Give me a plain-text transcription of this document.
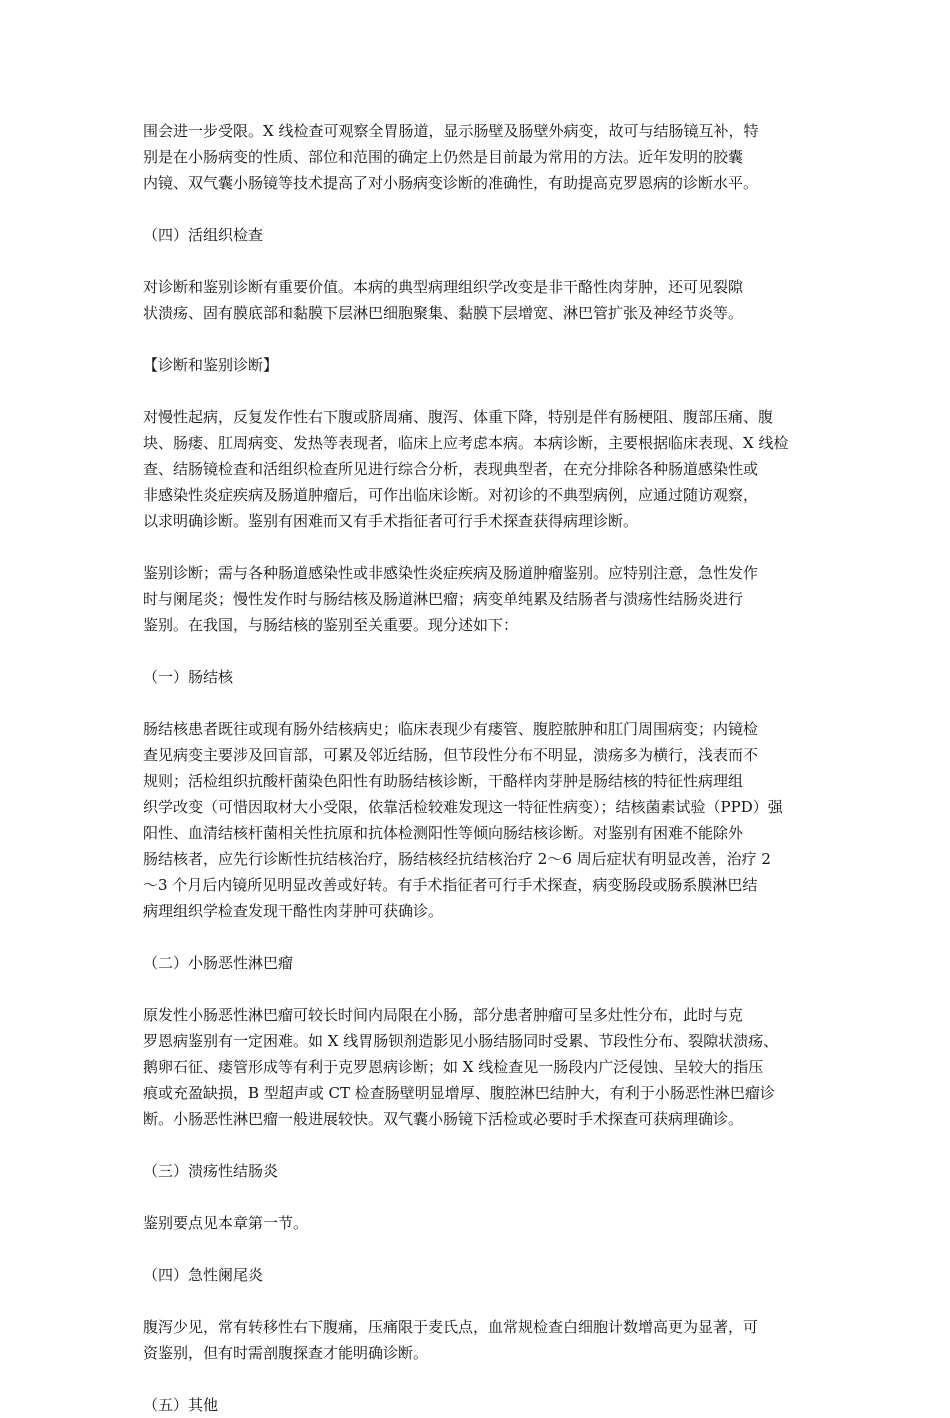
围会进一步受限。X 线检查可观察全胃肠道，显示肠壁及肠壁外病变，故可与结肠镜互补，特
别是在小肠病变的性质、部位和范围的确定上仍然是目前最为常用的方法。近年发明的胶囊
内镜、双气囊小肠镜等技术提高了对小肠病变诊断的准确性，有助提高克罗恩病的诊断水平。
（四）活组织检查
对诊断和鉴别诊断有重要价值。本病的典型病理组织学改变是非干酪性肉芽肿，还可见裂隙
状溃疡、固有膜底部和黏膜下层淋巴细胞聚集、黏膜下层增宽、淋巴管扩张及神经节炎等。
【诊断和鉴别诊断】
对慢性起病，反复发作性右下腹或脐周痛、腹泻、体重下降，特别是伴有肠梗阻、腹部压痛、腹
块、肠瘘、肛周病变、发热等表现者，临床上应考虑本病。本病诊断，主要根据临床表现、X 线检
查、结肠镜检查和活组织检查所见进行综合分析，表现典型者，在充分排除各种肠道感染性或
非感染性炎症疾病及肠道肿瘤后，可作出临床诊断。对初诊的不典型病例，应通过随访观察，
以求明确诊断。鉴别有困难而又有手术指征者可行手术探查获得病理诊断。
鉴别诊断；需与各种肠道感染性或非感染性炎症疾病及肠道肿瘤鉴别。应特别注意，急性发作
时与阑尾炎；慢性发作时与肠结核及肠道淋巴瘤；病变单纯累及结肠者与溃疡性结肠炎进行
鉴别。在我国，与肠结核的鉴别至关重要。现分述如下：
（一）肠结核
肠结核患者既往或现有肠外结核病史；临床表现少有瘘管、腹腔脓肿和肛门周围病变；内镜检
查见病变主要涉及回盲部，可累及邻近结肠，但节段性分布不明显，溃疡多为横行，浅表而不
规则；活检组织抗酸杆菌染色阳性有助肠结核诊断，干酪样肉芽肿是肠结核的特征性病理组
织学改变（可惜因取材大小受限，依靠活检较难发现这一特征性病变）；结核菌素试验（PPD）强
阳性、血清结核杆菌相关性抗原和抗体检测阳性等倾向肠结核诊断。对鉴别有困难不能除外
肠结核者，应先行诊断性抗结核治疗，肠结核经抗结核治疗 2～6 周后症状有明显改善，治疗 2
～3 个月后内镜所见明显改善或好转。有手术指征者可行手术探查，病变肠段或肠系膜淋巴结
病理组织学检查发现干酪性肉芽肿可获确诊。
（二）小肠恶性淋巴瘤
原发性小肠恶性淋巴瘤可较长时间内局限在小肠，部分患者肿瘤可呈多灶性分布，此时与克
罗恩病鉴别有一定困难。如 X 线胃肠钡剂造影见小肠结肠同时受累、节段性分布、裂隙状溃疡、
鹅卵石征、瘘管形成等有利于克罗恩病诊断；如 X 线检查见一肠段内广泛侵蚀、呈较大的指压
痕或充盈缺损，B 型超声或 CT 检查肠壁明显增厚、腹腔淋巴结肿大，有利于小肠恶性淋巴瘤诊
断。小肠恶性淋巴瘤一般进展较快。双气囊小肠镜下活检或必要时手术探查可获病理确诊。
（三）溃疡性结肠炎
鉴别要点见本章第一节。
（四）急性阑尾炎
腹泻少见，常有转移性右下腹痛，压痛限于麦氏点，血常规检查白细胞计数增高更为显著，可
资鉴别，但有时需剖腹探查才能明确诊断。
（五）其他
